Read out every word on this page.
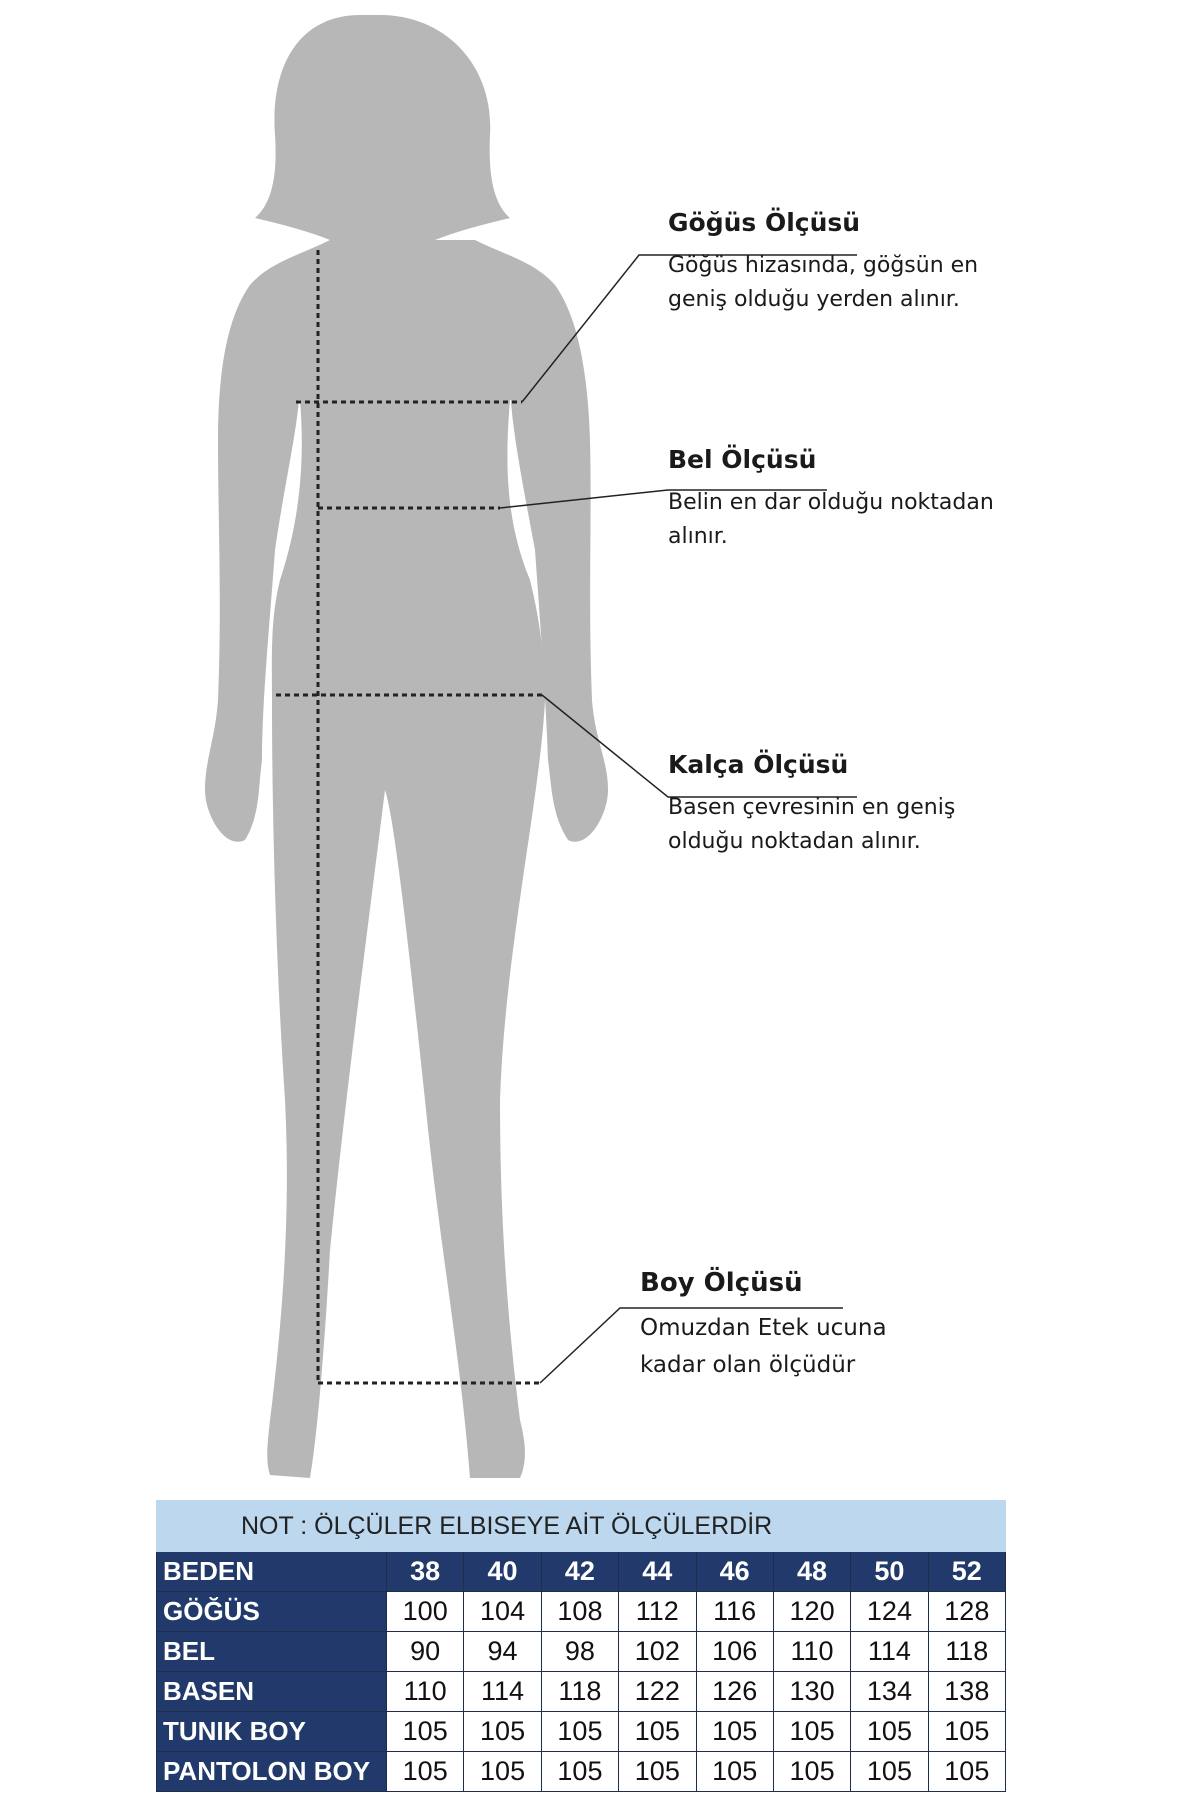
Göğüs Ölçüsü
Göğüs hizasında, göğsün en
geniş olduğu yerden alınır.
Bel Ölçüsü
Belin en dar olduğu noktadan
alınır.
Kalça Ölçüsü
Basen çevresinin en geniş
olduğu noktadan alınır.
Boy Ölçüsü
Omuzdan Etek ucuna
kadar olan ölçüdür
NOT : ÖLÇÜLER ELBISEYE AİT ÖLÇÜLERDİR								
BEDEN	38	40	42	44	46	48	50	52
GÖĞÜS	100	104	108	112	116	120	124	128
BEL	90	94	98	102	106	110	114	118
BASEN	110	114	118	122	126	130	134	138
TUNIK BOY	105	105	105	105	105	105	105	105
PANTOLON BOY	105	105	105	105	105	105	105	105
